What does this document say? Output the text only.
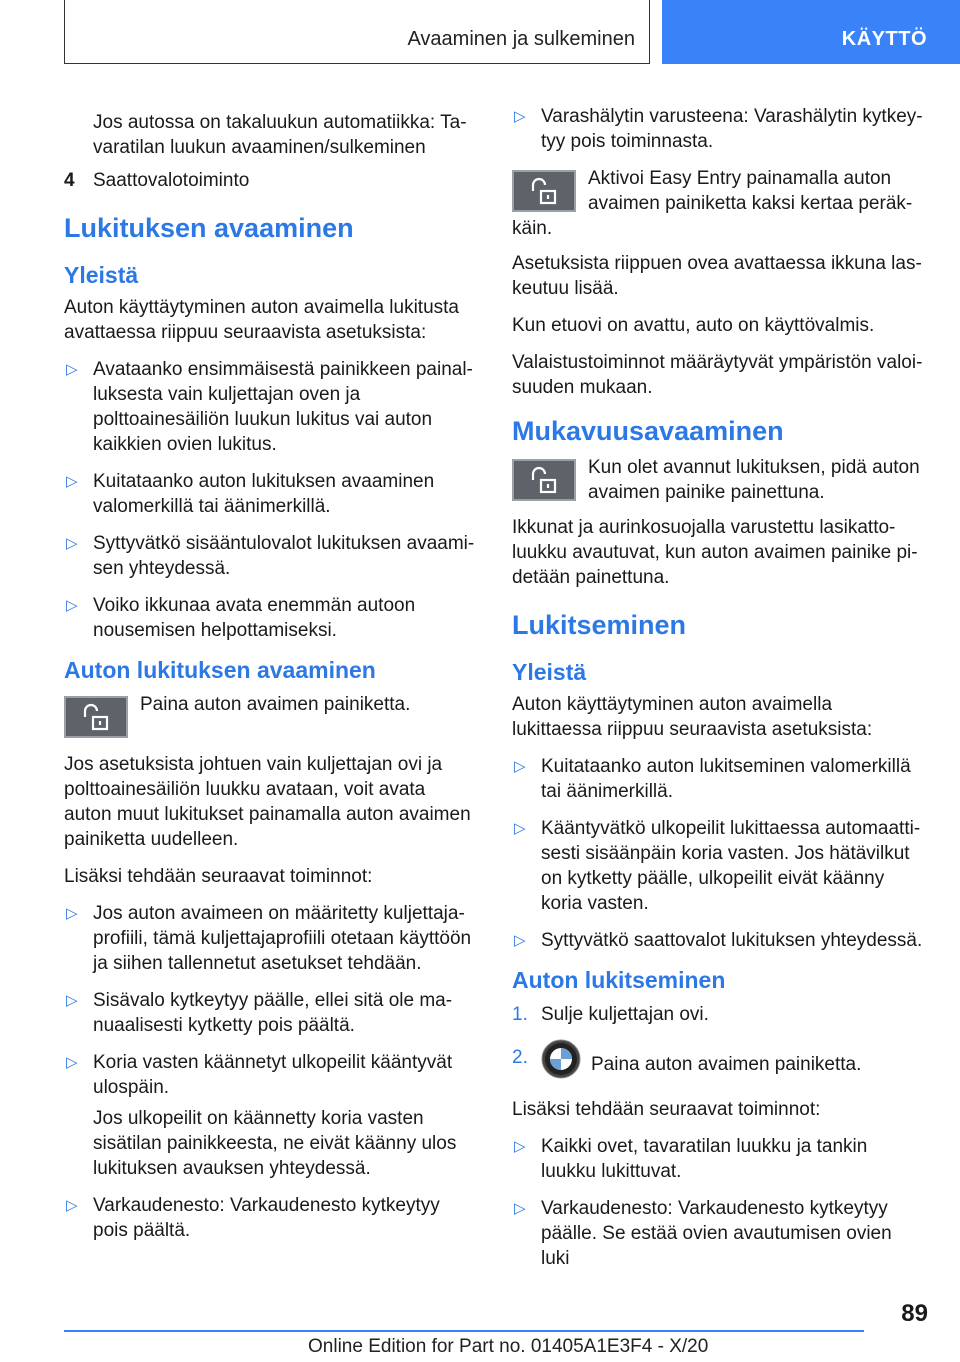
Avaaminen ja sulkeminen	KÄYTTÖ
Jos autossa on takaluukun automatiikka: Tavaratilan luukun avaaminen/sulkeminen
4 Saattovalotoiminto
Lukituksen avaaminen
Yleistä
Auton käyttäytyminen auton avaimella lukitusta avattaessa riippuu seuraavista asetuksista:
▷ Avataanko ensimmäisestä painikkeen painalluksesta vain kuljettajan oven ja polttoainesäiliön luukun lukitus vai auton kaikkien ovien lukitus.
▷ Kuitataanko auton lukituksen avaaminen valomerkillä tai äänimerkillä.
▷ Syttyvätkö sisääntulovalot lukituksen avaamisen yhteydessä.
▷ Voiko ikkunaa avata enemmän autoon nousemisen helpottamiseksi.
Auton lukituksen avaaminen
Paina auton avaimen painiketta.
Jos asetuksista johtuen vain kuljettajan ovi ja polttoainesäiliön luukku avataan, voit avata auton muut lukitukset painamalla auton avaimen painiketta uudelleen.
Lisäksi tehdään seuraavat toiminnot:
▷ Jos auton avaimeen on määritetty kuljettajaprofiili, tämä kuljettajaprofiili otetaan käyttöön ja siihen tallennetut asetukset tehdään.
▷ Sisävalo kytkeytyy päälle, ellei sitä ole manuaalisesti kytketty pois päältä.
▷ Koria vasten käännetyt ulkopeilit kääntyvät ulospäin.
Jos ulkopeilit on käännetty koria vasten sisätilan painikkeesta, ne eivät käänny ulos lukituksen avauksen yhteydessä.
▷ Varkaudenesto: Varkaudenesto kytkeytyy pois päältä.
▷ Varashälytin varusteena: Varashälytin kytkeytyy pois toiminnasta.
Aktivoi Easy Entry painamalla auton avaimen painiketta kaksi kertaa peräkkäin.
Asetuksista riippuen ovea avattaessa ikkuna laskeutuu lisää.
Kun etuovi on avattu, auto on käyttövalmis.
Valaistustoiminnot määräytyvät ympäristön valoisuuden mukaan.
Mukavuusavaaminen
Kun olet avannut lukituksen, pidä auton avaimen painike painettuna.
Ikkunat ja aurinkosuojalla varustettu lasikattoluukku avautuvat, kun auton avaimen painike pidetään painettuna.
Lukitseminen
Yleistä
Auton käyttäytyminen auton avaimella lukittaessa riippuu seuraavista asetuksista:
▷ Kuitataanko auton lukitseminen valomerkillä tai äänimerkillä.
▷ Kääntyvätkö ulkopeilit lukittaessa automaattisesti sisäänpäin koria vasten. Jos hätävilkut on kytketty päälle, ulkopeilit eivät käänny koria vasten.
▷ Syttyvätkö saattovalot lukituksen yhteydessä.
Auton lukitseminen
1. Sulje kuljettajan ovi.
2.	Paina auton avaimen painiketta.
Lisäksi tehdään seuraavat toiminnot:
▷ Kaikki ovet, tavaratilan luukku ja tankin luukku lukittuvat.
▷ Varkaudenesto: Varkaudenesto kytkeytyy päälle. Se estää ovien avautumisen ovien luki
89
Online Edition for Part no. 01405A1E3F4 - X/20
